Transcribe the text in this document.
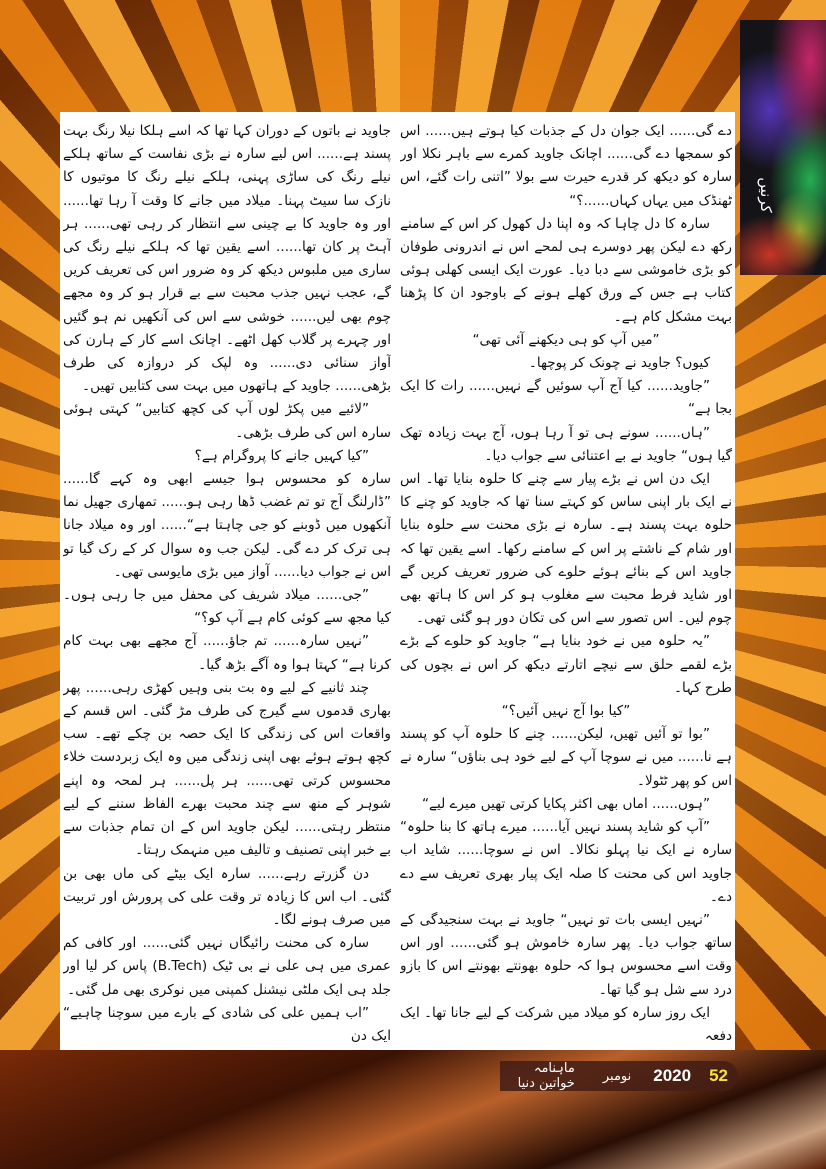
کرنیں

دے گی...... ایک جوان دل کے جذبات کیا ہوتے ہیں...... اس کو سمجھا دے گی...... اچانک جاوید کمرے سے باہر نکلا اور سارہ کو دیکھ کر قدرے حیرت سے بولا ”اتنی رات گئے، اس ٹھنڈک میں یہاں کہاں......؟“

سارہ کا دل چاہا کہ وہ اپنا دل کھول کر اس کے سامنے رکھ دے لیکن پھر دوسرے ہی لمحے اس نے اندرونی طوفان کو بڑی خاموشی سے دبا دیا۔ عورت ایک ایسی کھلی ہوئی کتاب ہے جس کے ورق کھلے ہونے کے باوجود ان کا پڑھنا بہت مشکل کام ہے۔

”میں آپ کو ہی دیکھنے آئی تھی“

کیوں؟ جاوید نے چونک کر پوچھا۔

”جاوید...... کیا آج آپ سوئیں گے نہیں...... رات کا ایک بجا ہے“

”ہاں...... سونے ہی تو آ رہا ہوں، آج بہت زیادہ تھک گیا ہوں“ جاوید نے بے اعتنائی سے جواب دیا۔

ایک دن اس نے بڑے پیار سے چنے کا حلوہ بنایا تھا۔ اس نے ایک بار اپنی ساس کو کہتے سنا تھا کہ جاوید کو چنے کا حلوہ بہت پسند ہے۔ سارہ نے بڑی محنت سے حلوہ بنایا اور شام کے ناشتے پر اس کے سامنے رکھا۔ اسے یقین تھا کہ جاوید اس کے بنائے ہوئے حلوے کی ضرور تعریف کریں گے اور شاید فرط محبت سے مغلوب ہو کر اس کا ہاتھ بھی چوم لیں۔ اس تصور سے اس کی تکان دور ہو گئی تھی۔

”یہ حلوہ میں نے خود بنایا ہے“ جاوید کو حلوے کے بڑے بڑے لقمے حلق سے نیچے اتارتے دیکھ کر اس نے بچوں کی طرح کہا۔

”کیا بوا آج نہیں آئیں؟“

”بوا تو آئیں تھیں، لیکن...... چنے کا حلوہ آپ کو پسند ہے نا...... میں نے سوچا آپ کے لیے خود ہی بناؤں“ سارہ نے اس کو پھر ٹٹولا۔

”ہوں...... اماں بھی اکثر پکایا کرتی تھیں میرے لیے“

”آپ کو شاید پسند نہیں آیا...... میرے ہاتھ کا بنا حلوہ“ سارہ نے ایک نیا پہلو نکالا۔ اس نے سوچا...... شاید اب جاوید اس کی محنت کا صلہ ایک پیار بھری تعریف سے دے دے۔

”نہیں ایسی بات تو نہیں“ جاوید نے بہت سنجیدگی کے ساتھ جواب دیا۔ پھر سارہ خاموش ہو گئی...... اور اس وقت اسے محسوس ہوا کہ حلوہ بھونتے بھونتے اس کا بازو درد سے شل ہو گیا تھا۔

ایک روز سارہ کو میلاد میں شرکت کے لیے جانا تھا۔ ایک دفعہ

جاوید نے باتوں کے دوران کہا تھا کہ اسے ہلکا نیلا رنگ بہت پسند ہے...... اس لیے سارہ نے بڑی نفاست کے ساتھ ہلکے نیلے رنگ کی ساڑی پہنی، ہلکے نیلے رنگ کا موتیوں کا نازک سا سیٹ پہنا۔ میلاد میں جانے کا وقت آ رہا تھا...... اور وہ جاوید کا بے چینی سے انتظار کر رہی تھی...... ہر آہٹ پر کان تھا...... اسے یقین تھا کہ ہلکے نیلے رنگ کی ساری میں ملبوس دیکھ کر وہ ضرور اس کی تعریف کریں گے، عجب نہیں جذب محبت سے بے قرار ہو کر وہ مجھے چوم بھی لیں...... خوشی سے اس کی آنکھیں نم ہو گئیں اور چہرے پر گلاب کھل اٹھے۔ اچانک اسے کار کے ہارن کی آواز سنائی دی...... وہ لپک کر دروازہ کی طرف بڑھی...... جاوید کے ہاتھوں میں بہت سی کتابیں تھیں۔

”لائیے میں پکڑ لوں آپ کی کچھ کتابیں“ کہتی ہوئی سارہ اس کی طرف بڑھی۔

”کیا کہیں جانے کا پروگرام ہے؟

سارہ کو محسوس ہوا جیسے ابھی وہ کہے گا...... ”ڈارلنگ آج تو تم غضب ڈھا رہی ہو...... تمھاری جھیل نما آنکھوں میں ڈوبنے کو جی چاہتا ہے“...... اور وہ میلاد جانا ہی ترک کر دے گی۔ لیکن جب وہ سوال کر کے رک گیا تو اس نے جواب دیا...... آواز میں بڑی مایوسی تھی۔

”جی...... میلاد شریف کی محفل میں جا رہی ہوں۔ کیا مجھ سے کوئی کام ہے آپ کو؟“

”نہیں سارہ...... تم جاؤ...... آج مجھے بھی بہت کام کرنا ہے“ کہتا ہوا وہ آگے بڑھ گیا۔

چند ثانیے کے لیے وہ بت بنی وہیں کھڑی رہی...... پھر بھاری قدموں سے گیرج کی طرف مڑ گئی۔ اس قسم کے واقعات اس کی زندگی کا ایک حصہ بن چکے تھے۔ سب کچھ ہوتے ہوئے بھی اپنی زندگی میں وہ ایک زبردست خلاء محسوس کرتی تھی...... ہر پل...... ہر لمحہ وہ اپنے شوہر کے منھ سے چند محبت بھرے الفاظ سننے کے لیے منتظر رہتی...... لیکن جاوید اس کے ان تمام جذبات سے بے خبر اپنی تصنیف و تالیف میں منہمک رہتا۔

دن گزرتے رہے...... سارہ ایک بیٹے کی ماں بھی بن گئی۔ اب اس کا زیادہ تر وقت علی کی پرورش اور تربیت میں صرف ہونے لگا۔

سارہ کی محنت رائیگاں نہیں گئی...... اور کافی کم عمری میں ہی علی نے بی ٹیک (B.Tech) پاس کر لیا اور جلد ہی ایک ملٹی نیشنل کمپنی میں نوکری بھی مل گئی۔

”اب ہمیں علی کی شادی کے بارے میں سوچنا چاہیے“ ایک دن

52
2020
نومبر
ماہنامہ خواتین دنیا
